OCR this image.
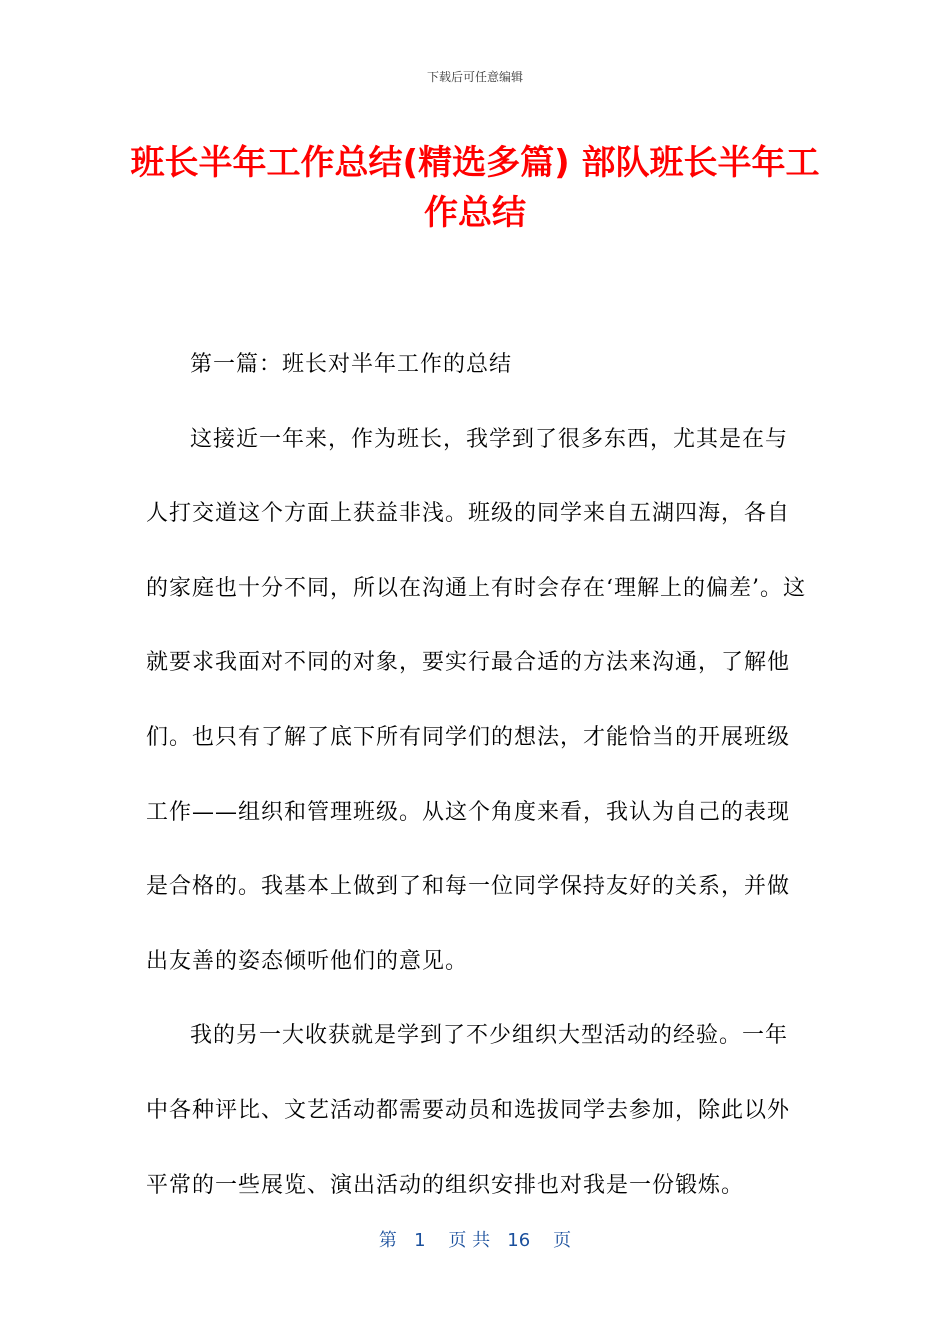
下载后可任意编辑
班长半年工作总结(精选多篇) 部队班长半年工作总结

第一篇：班长对半年工作的总结

这接近一年来，作为班长，我学到了很多东西，尤其是在与人打交道这个方面上获益非浅。班级的同学来自五湖四海，各自的家庭也十分不同，所以在沟通上有时会存在‘理解上的偏差’。这就要求我面对不同的对象，要实行最合适的方法来沟通，了解他们。也只有了解了底下所有同学们的想法，才能恰当的开展班级工作——组织和管理班级。从这个角度来看，我认为自己的表现是合格的。我基本上做到了和每一位同学保持友好的关系，并做出友善的姿态倾听他们的意见。

我的另一大收获就是学到了不少组织大型活动的经验。一年中各种评比、文艺活动都需要动员和选拔同学去参加，除此以外平常的一些展览、演出活动的组织安排也对我是一份锻炼。

第   1    页 共   16    页
